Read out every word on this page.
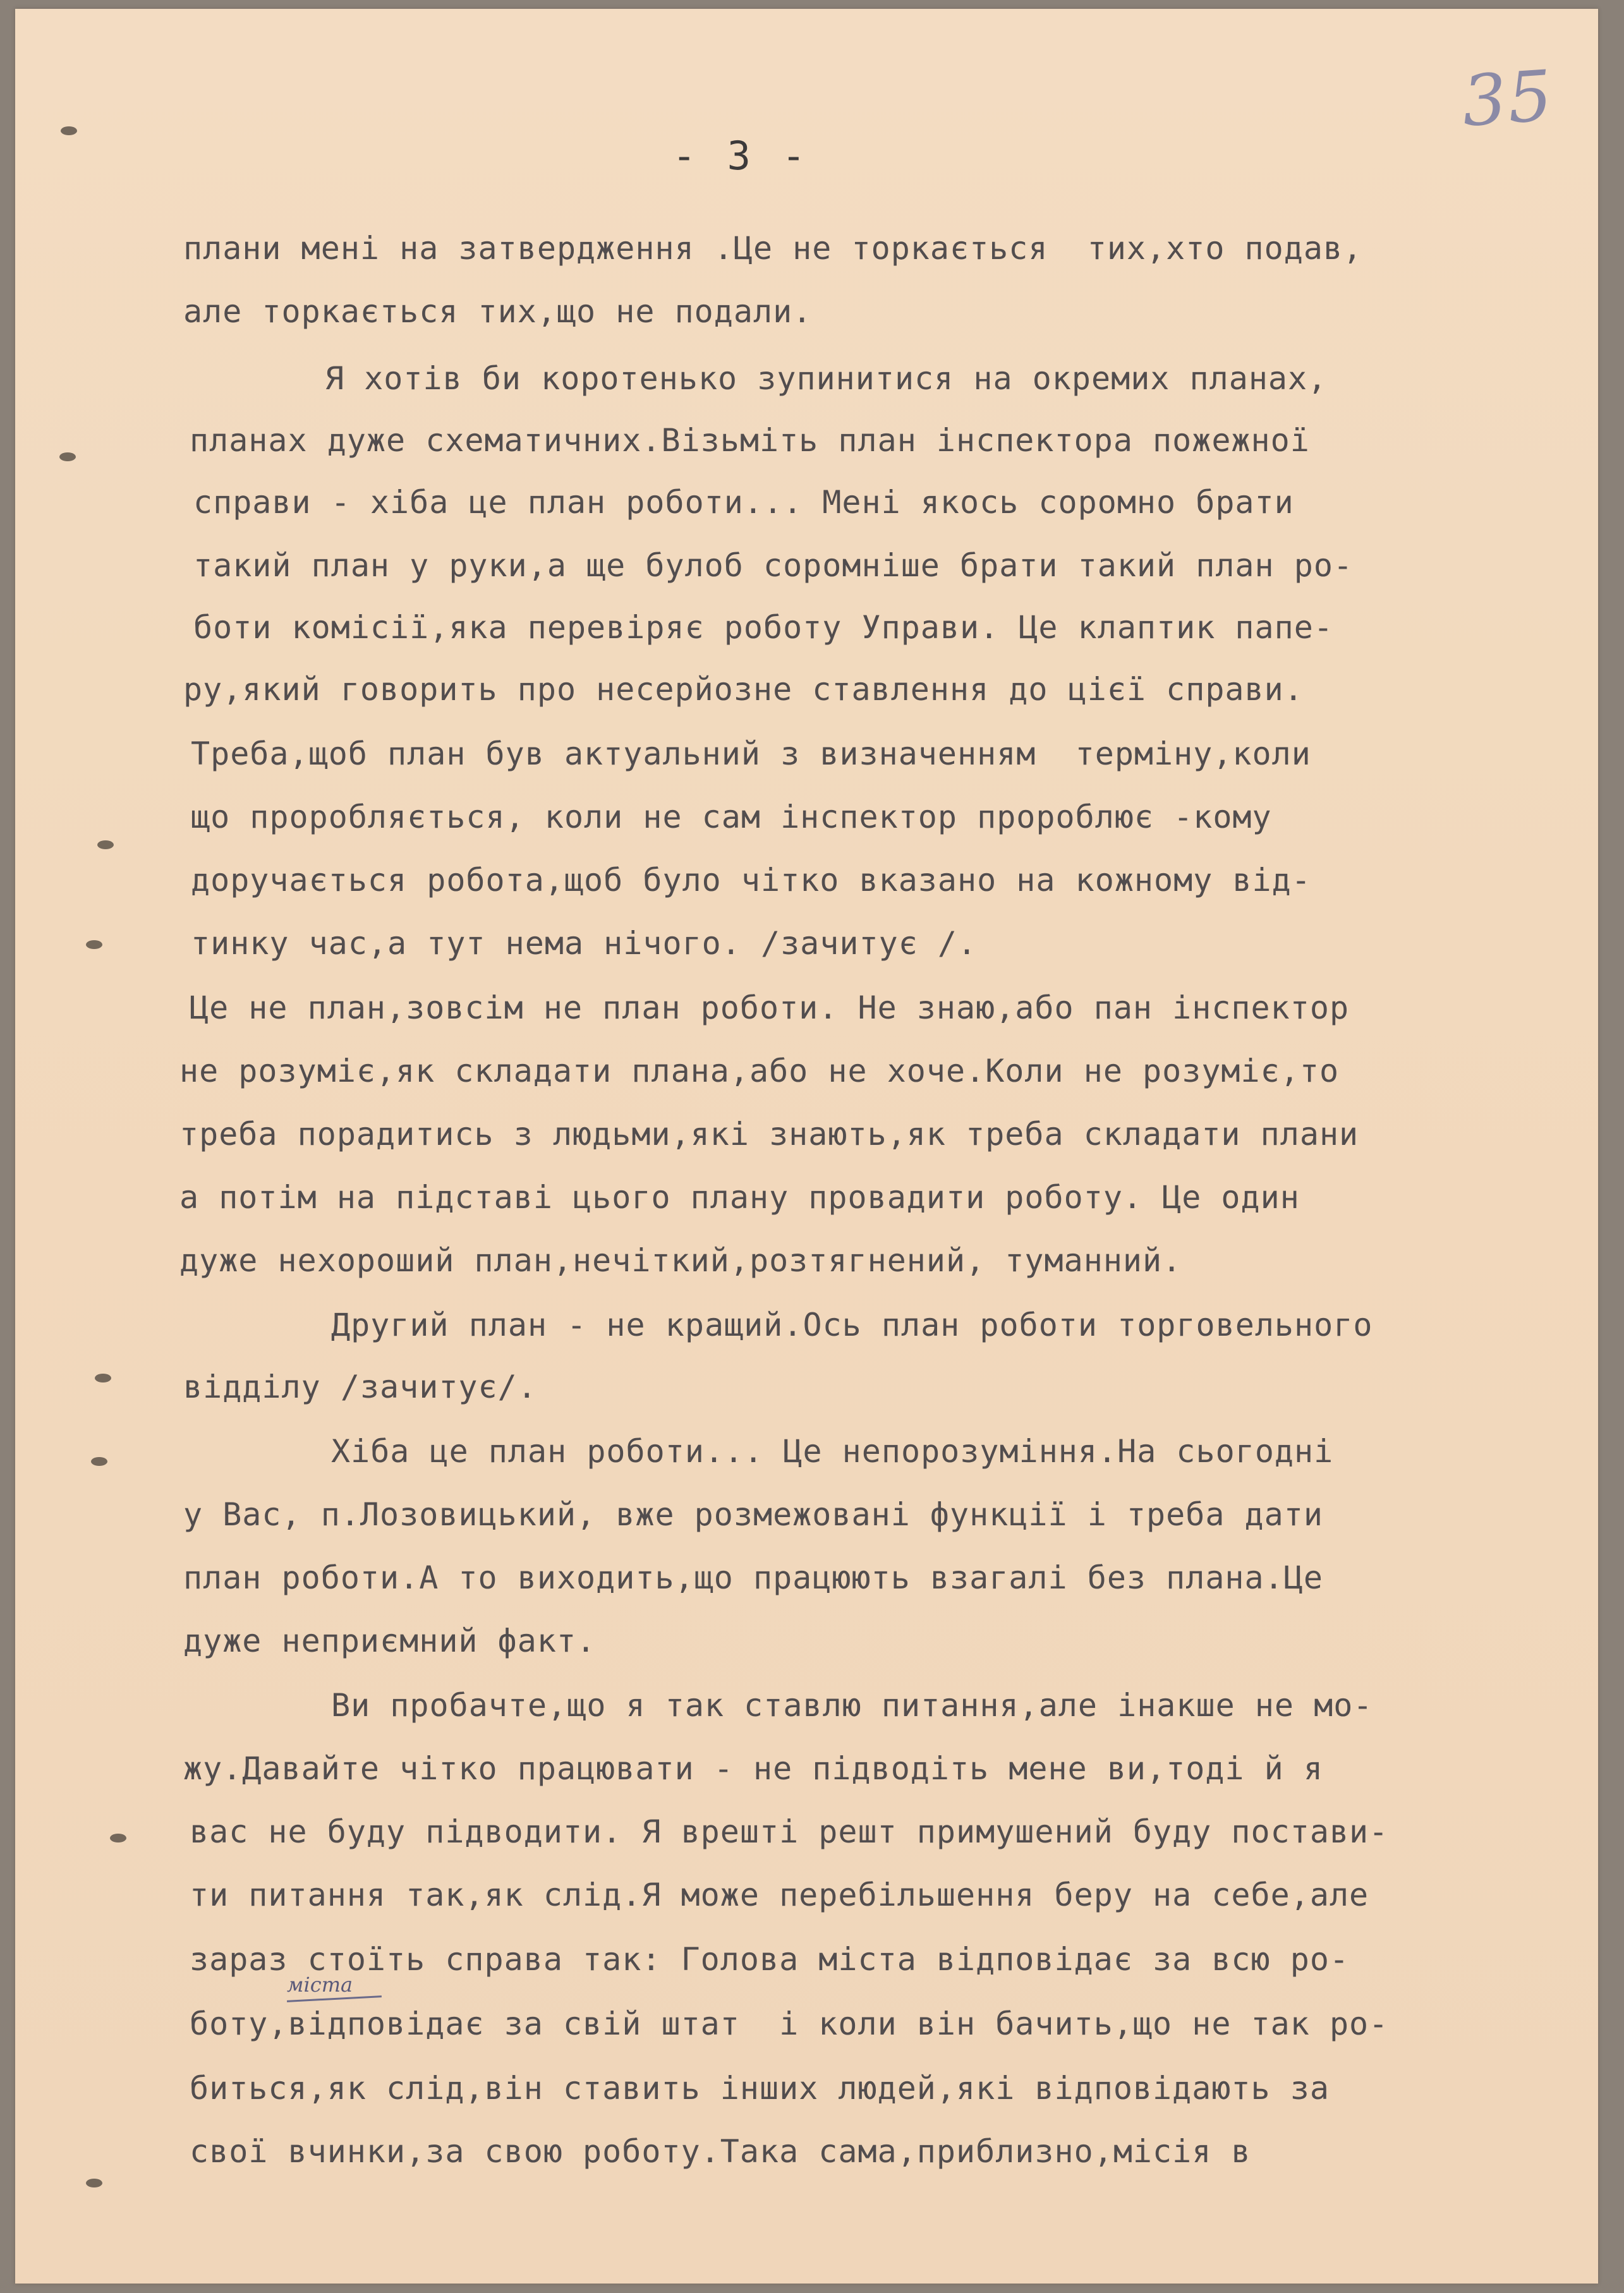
35
- 3 -
плани мені на затвердження .Це не торкається  тих,хто подав,
але торкається тих,що не подали.
Я хотів би коротенько зупинитися на окремих планах,
планах дуже схематичних.Візьміть план інспектора пожежної
справи - хіба це план роботи... Мені якось соромно брати
такий план у руки,а ще булоб соромніше брати такий план ро-
боти комісії,яка перевіряє роботу Управи. Це клаптик папе-
ру,який говорить про несерйозне ставлення до цієї справи.
Треба,щоб план був актуальний з визначенням  терміну,коли
що проробляється, коли не сам інспектор пророблює -кому
доручається робота,щоб було чітко вказано на кожному від-
тинку час,а тут нема нічого. /зачитує /.
Це не план,зовсім не план роботи. Не знаю,або пан інспектор
не розуміє,як складати плана,або не хоче.Коли не розуміє,то
треба порадитись з людьми,які знають,як треба складати плани
а потім на підставі цього плану провадити роботу. Це один
дуже нехороший план,нечіткий,розтягнений, туманний.
Другий план - не кращий.Ось план роботи торговельного
відділу /зачитує/.
Хіба це план роботи... Це непорозуміння.На сьогодні
у Вас, п.Лозовицький, вже розмежовані функції і треба дати
план роботи.А то виходить,що працюють взагалі без плана.Це
дуже неприємний факт.
Ви пробачте,що я так ставлю питання,але інакше не мо-
жу.Давайте чітко працювати - не підводіть мене ви,тоді й я
вас не буду підводити. Я врешті решт примушений буду постави-
ти питання так,як слід.Я може перебільшення беру на себе,але
зараз стоїть справа так: Голова міста відповідає за всю ро-
боту,відповідає за свій штат  і коли він бачить,що не так ро-
биться,як слід,він ставить інших людей,які відповідають за
свої вчинки,за свою роботу.Така сама,приблизно,місія в
міста
